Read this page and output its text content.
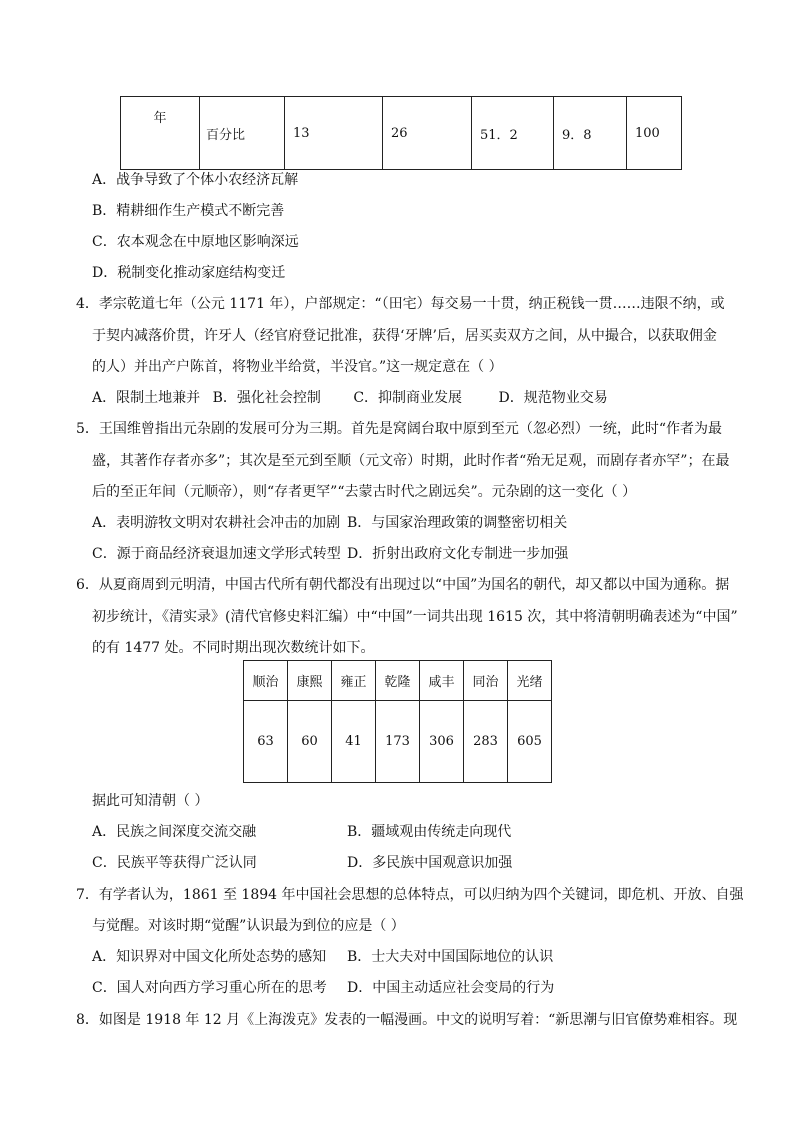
年	百分比	13	26	51．2	9．8	100
A．战争导致了个体小农经济瓦解
B．精耕细作生产模式不断完善
C．农本观念在中原地区影响深远
D．税制变化推动家庭结构变迁
4．孝宗乾道七年（公元 1171 年），户部规定：“（田宅）每交易一十贯，纳正税钱一贯……违限不纳，或
于契内减落价贯，许牙人（经官府登记批准，获得‘牙牌’后，居买卖双方之间，从中撮合，以获取佣金
的人）并出产户陈首，将物业半给赏，半没官。”这一规定意在（ ）
A．限制土地兼并 B．强化社会控制 C．抑制商业发展	D．规范物业交易
5．王国维曾指出元杂剧的发展可分为三期。首先是窝阔台取中原到至元（忽必烈）一统，此时“作者为最
盛，其著作存者亦多”；其次是至元到至顺（元文帝）时期，此时作者“殆无足观，而剧存者亦罕”；在最
后的至正年间（元顺帝），则“存者更罕”“去蒙古时代之剧远矣”。元杂剧的这一变化（ ）
A．表明游牧文明对农耕社会冲击的加剧 B．与国家治理政策的调整密切相关
C．源于商品经济衰退加速文学形式转型 D．折射出政府文化专制进一步加强
6．从夏商周到元明清，中国古代所有朝代都没有出现过以“中国”为国名的朝代，却又都以中国为通称。据
初步统计，《清实录》(清代官修史料汇编）中“中国”一词共出现 1615 次，其中将清朝明确表述为“中国”
的有 1477 处。不同时期出现次数统计如下。
顺治	康熙	雍正	乾隆	咸丰	同治	光绪
63	60	41	173	306	283	605
据此可知清朝（ ）
A．民族之间深度交流交融	B．疆域观由传统走向现代
C．民族平等获得广泛认同	D．多民族中国观意识加强
7．有学者认为，1861 至 1894 年中国社会思想的总体特点，可以归纳为四个关键词，即危机、开放、自强
与觉醒。对该时期“觉醒”认识最为到位的应是（ ）
A．知识界对中国文化所处态势的感知 B．士大夫对中国国际地位的认识
C．国人对向西方学习重心所在的思考 D．中国主动适应社会变局的行为
8．如图是 1918 年 12 月《上海泼克》发表的一幅漫画。中文的说明写着：“新思潮与旧官僚势难相容。现
